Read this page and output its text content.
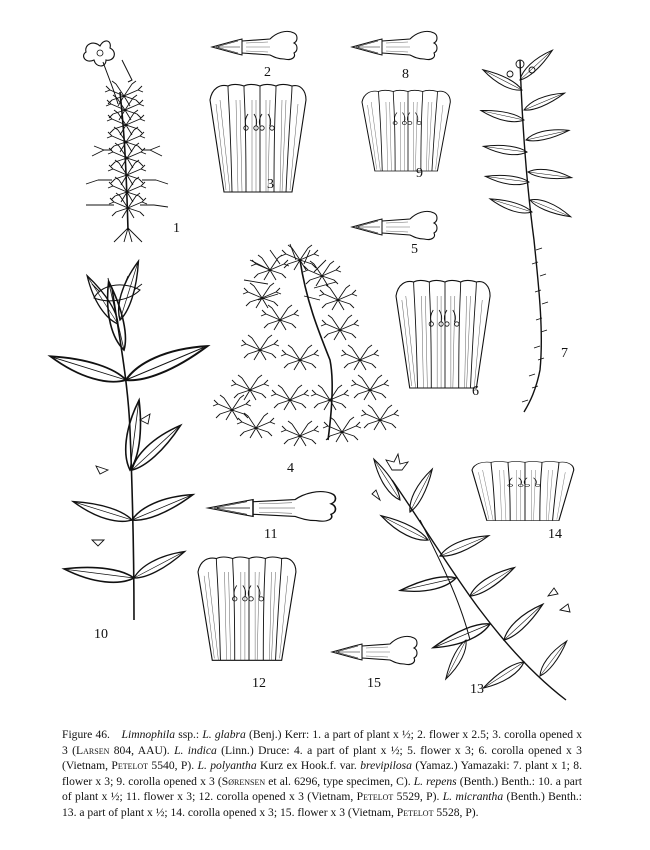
1
2
3
4
5
6
7
8
9
10
11
12	13
14
15
Figure 46.  Limnophila ssp.: L. glabra (Benj.) Kerr: 1. a part of plant x ½; 2. flower x 2.5; 3. corolla opened x 3 (Larsen 804, AAU). L. indica (Linn.) Druce: 4. a part of plant x ½; 5. flower x 3; 6. corolla opened x 3 (Vietnam, Petelot 5540, P). L. polyantha Kurz ex Hook.f. var. brevipilosa (Yamaz.) Yamazaki: 7. plant x 1; 8. flower x 3; 9. corolla opened x 3 (Sørensen et al. 6296, type specimen, C). L. repens (Benth.) Benth.: 10. a part of plant x ½; 11. flower x 3; 12. corolla opened x 3 (Vietnam, Petelot 5529, P). L. micrantha (Benth.) Benth.: 13. a part of plant x ½; 14. corolla opened x 3; 15. flower x 3 (Vietnam, Petelot 5528, P).
